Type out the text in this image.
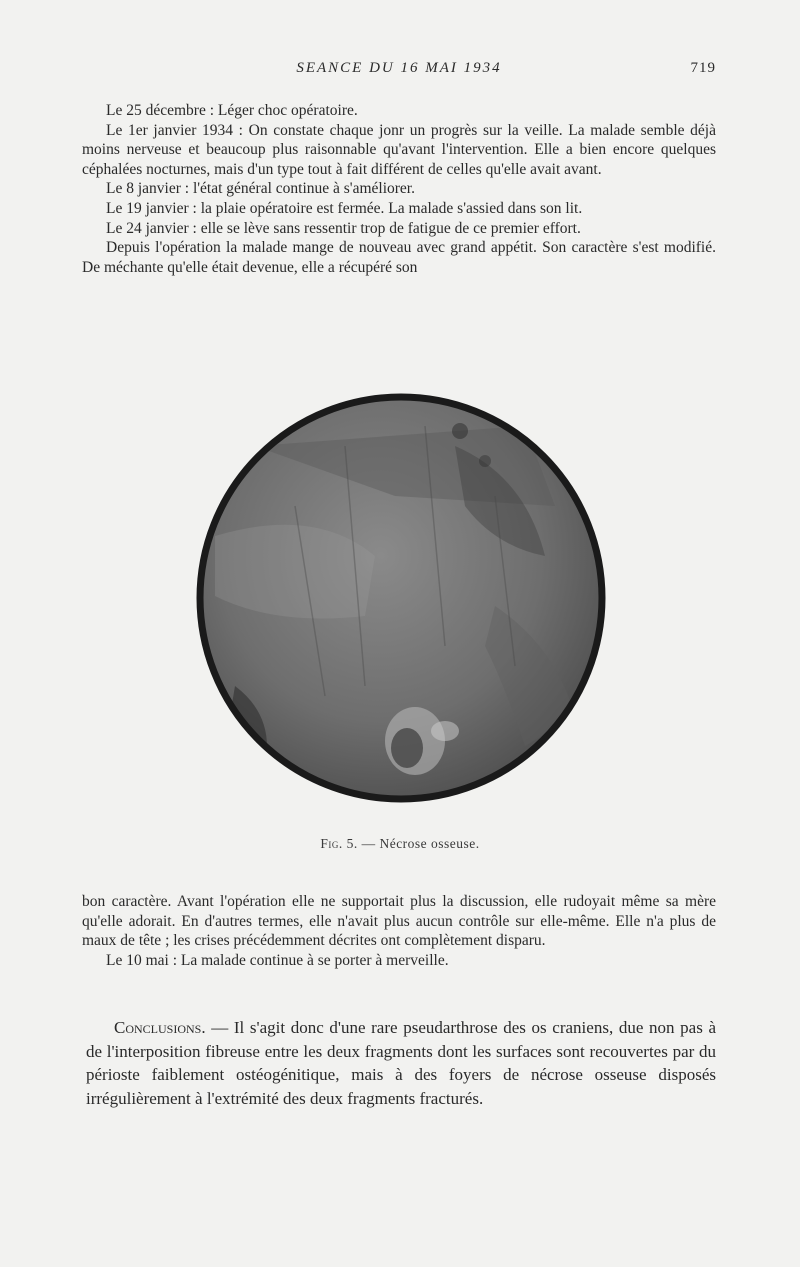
SEANCE DU 16 MAI 1934	719

Le 25 décembre : Léger choc opératoire.

Le 1er janvier 1934 : On constate chaque jonr un progrès sur la veille. La malade semble déjà moins nerveuse et beaucoup plus raisonnable qu'avant l'intervention. Elle a bien encore quelques céphalées nocturnes, mais d'un type tout à fait différent de celles qu'elle avait avant.

Le 8 janvier : l'état général continue à s'améliorer.

Le 19 janvier : la plaie opératoire est fermée. La malade s'assied dans son lit.

Le 24 janvier : elle se lève sans ressentir trop de fatigue de ce premier effort.

Depuis l'opération la malade mange de nouveau avec grand appétit. Son caractère s'est modifié. De méchante qu'elle était devenue, elle a récupéré son

Fig. 5. — Nécrose osseuse.

bon caractère. Avant l'opération elle ne supportait plus la discussion, elle rudoyait même sa mère qu'elle adorait. En d'autres termes, elle n'avait plus aucun contrôle sur elle-même. Elle n'a plus de maux de tête ; les crises précédemment décrites ont complètement disparu.

Le 10 mai : La malade continue à se porter à merveille.

Conclusions. — Il s'agit donc d'une rare pseudarthrose des os craniens, due non pas à de l'interposition fibreuse entre les deux fragments dont les surfaces sont recouvertes par du périoste faiblement ostéogénitique, mais à des foyers de nécrose osseuse disposés irrégulièrement à l'extrémité des deux fragments fracturés.
